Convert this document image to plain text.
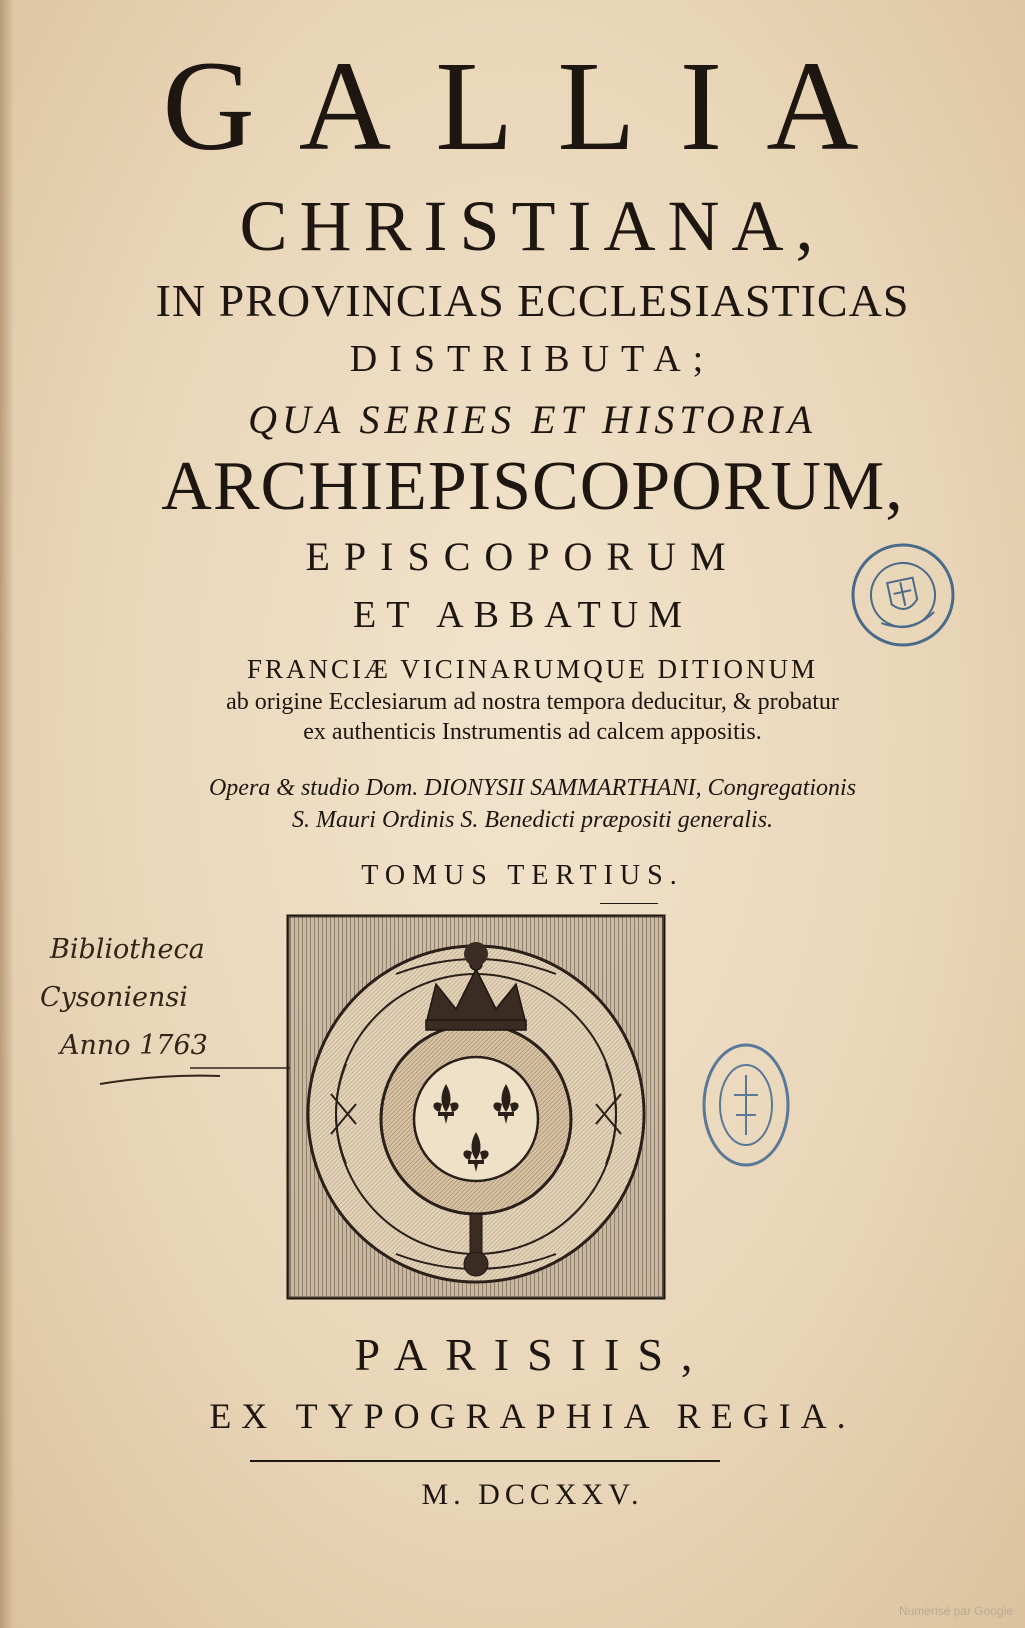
GALLIA
CHRISTIANA,
IN PROVINCIAS ECCLESIASTICAS
DISTRIBUTA;
QUA SERIES ET HISTORIA
ARCHIEPISCOPORUM,
EPISCOPORUM
ET ABBATUM
FRANCIÆ VICINARUMQUE DITIONUM
ab origine Ecclesiarum ad nostra tempora deducitur, & probatur
ex authenticis Instrumentis ad calcem appositis.
Opera & studio Dom. DIONYSII SAMMARTHANI, Congregationis
S. Mauri Ordinis S. Benedicti præpositi generalis.
TOMUS TERTIUS.
Bibliotheca
Cysoniensi
Anno 1763
PARISIIS,
EX TYPOGRAPHIA REGIA.
M. DCCXXV.
Numérisé par Google
